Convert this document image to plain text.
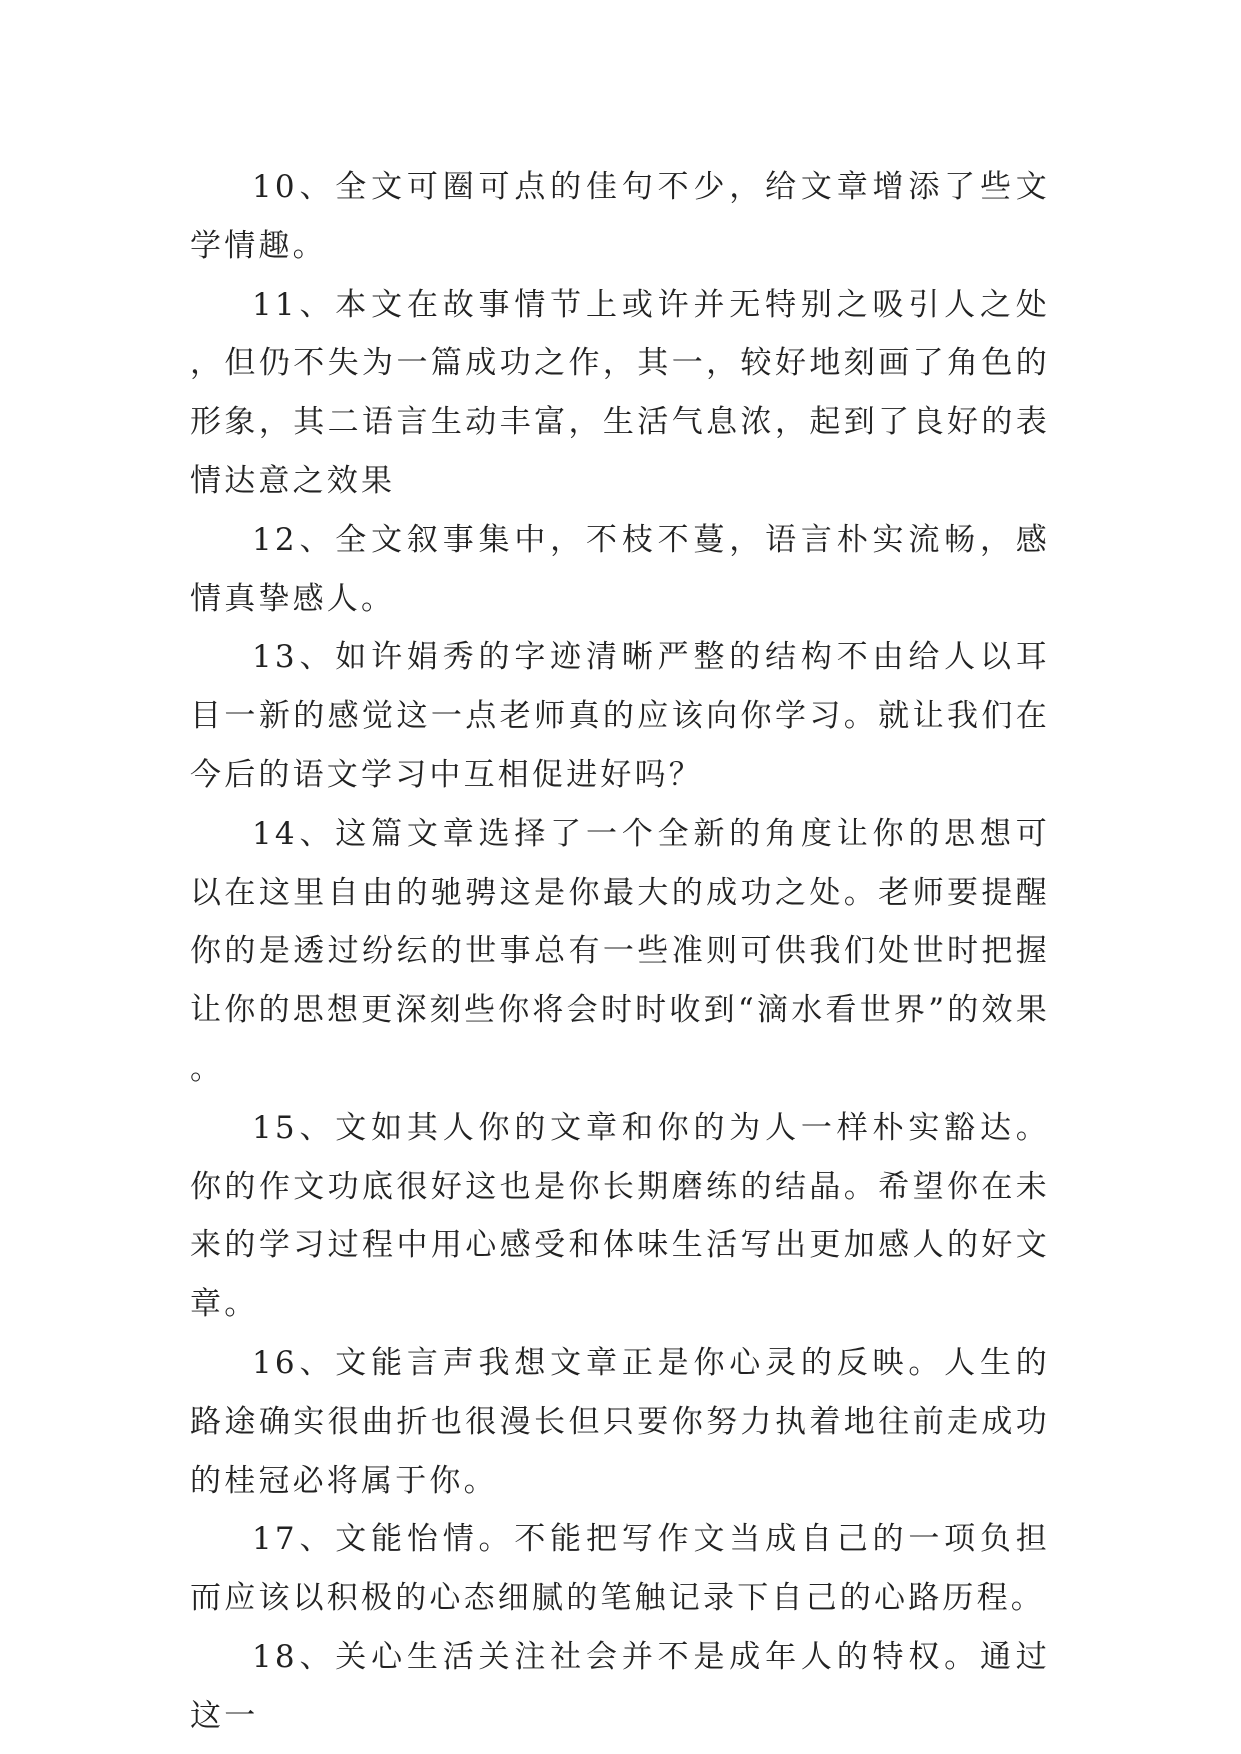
10、全文可圈可点的佳句不少，给文章增添了些文学情趣。

11、本文在故事情节上或许并无特别之吸引人之处，但仍不失为一篇成功之作，其一，较好地刻画了角色的形象，其二语言生动丰富，生活气息浓，起到了良好的表情达意之效果

12、全文叙事集中，不枝不蔓，语言朴实流畅，感情真挚感人。

13、如许娟秀的字迹清晰严整的结构不由给人以耳目一新的感觉这一点老师真的应该向你学习。就让我们在今后的语文学习中互相促进好吗？

14、这篇文章选择了一个全新的角度让你的思想可以在这里自由的驰骋这是你最大的成功之处。老师要提醒你的是透过纷纭的世事总有一些准则可供我们处世时把握让你的思想更深刻些你将会时时收到“滴水看世界”的效果。

15、文如其人你的文章和你的为人一样朴实豁达。你的作文功底很好这也是你长期磨练的结晶。希望你在未来的学习过程中用心感受和体味生活写出更加感人的好文章。

16、文能言声我想文章正是你心灵的反映。人生的路途确实很曲折也很漫长但只要你努力执着地往前走成功的桂冠必将属于你。

17、文能怡情。不能把写作文当成自己的一项负担而应该以积极的心态细腻的笔触记录下自己的心路历程。

18、关心生活关注社会并不是成年人的特权。通过这一
